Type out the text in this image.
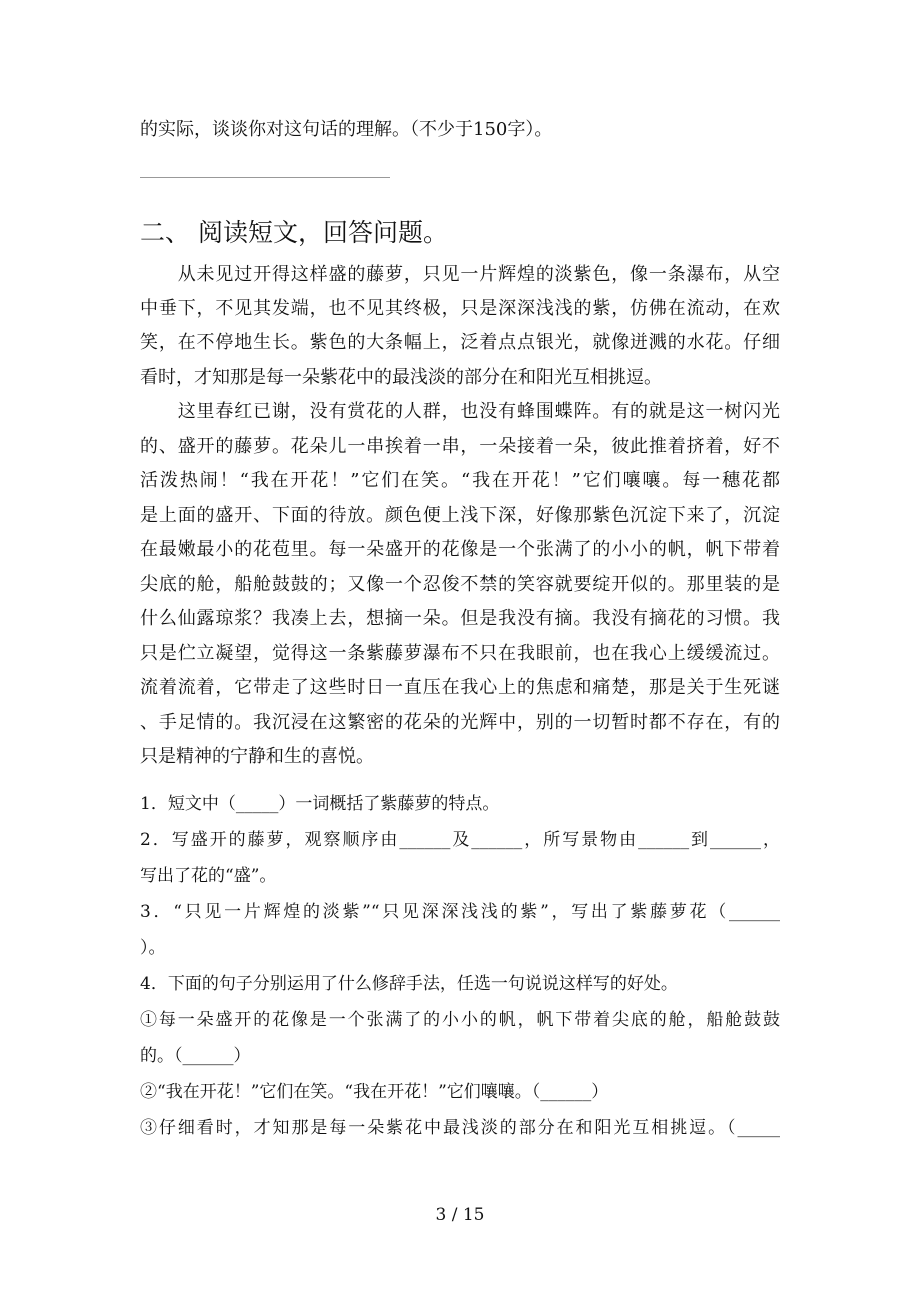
的实际，谈谈你对这句话的理解。（不少于150字）。
二、 阅读短文，回答问题。
　　从未见过开得这样盛的藤萝，只见一片辉煌的淡紫色，像一条瀑布，从空
中垂下，不见其发端，也不见其终极，只是深深浅浅的紫，仿佛在流动，在欢
笑，在不停地生长。紫色的大条幅上，泛着点点银光，就像迸溅的水花。仔细
看时，才知那是每一朵紫花中的最浅淡的部分在和阳光互相挑逗。
　　这里春红已谢，没有赏花的人群，也没有蜂围蝶阵。有的就是这一树闪光
的、盛开的藤萝。花朵儿一串挨着一串，一朵接着一朵，彼此推着挤着，好不
活泼热闹！“我在开花！”它们在笑。“我在开花！”它们嚷嚷。每一穗花都
是上面的盛开、下面的待放。颜色便上浅下深，好像那紫色沉淀下来了，沉淀
在最嫩最小的花苞里。每一朵盛开的花像是一个张满了的小小的帆，帆下带着
尖底的舱，船舱鼓鼓的；又像一个忍俊不禁的笑容就要绽开似的。那里装的是
什么仙露琼浆？我凑上去，想摘一朵。但是我没有摘。我没有摘花的习惯。我
只是伫立凝望，觉得这一条紫藤萝瀑布不只在我眼前，也在我心上缓缓流过。
流着流着，它带走了这些时日一直压在我心上的焦虑和痛楚，那是关于生死谜
、手足情的。我沉浸在这繁密的花朵的光辉中，别的一切暂时都不存在，有的
只是精神的宁静和生的喜悦。
1．短文中（_____）一词概括了紫藤萝的特点。
2．写盛开的藤萝，观察顺序由______及______，所写景物由______到______，
写出了花的“盛”。
3．“只见一片辉煌的淡紫”“只见深深浅浅的紫”，写出了紫藤萝花（______
）。
4．下面的句子分别运用了什么修辞手法，任选一句说说这样写的好处。
①每一朵盛开的花像是一个张满了的小小的帆，帆下带着尖底的舱，船舱鼓鼓
的。（______）
②“我在开花！”它们在笑。“我在开花！”它们嚷嚷。（______）
③仔细看时，才知那是每一朵紫花中最浅淡的部分在和阳光互相挑逗。（_____
3 / 15
